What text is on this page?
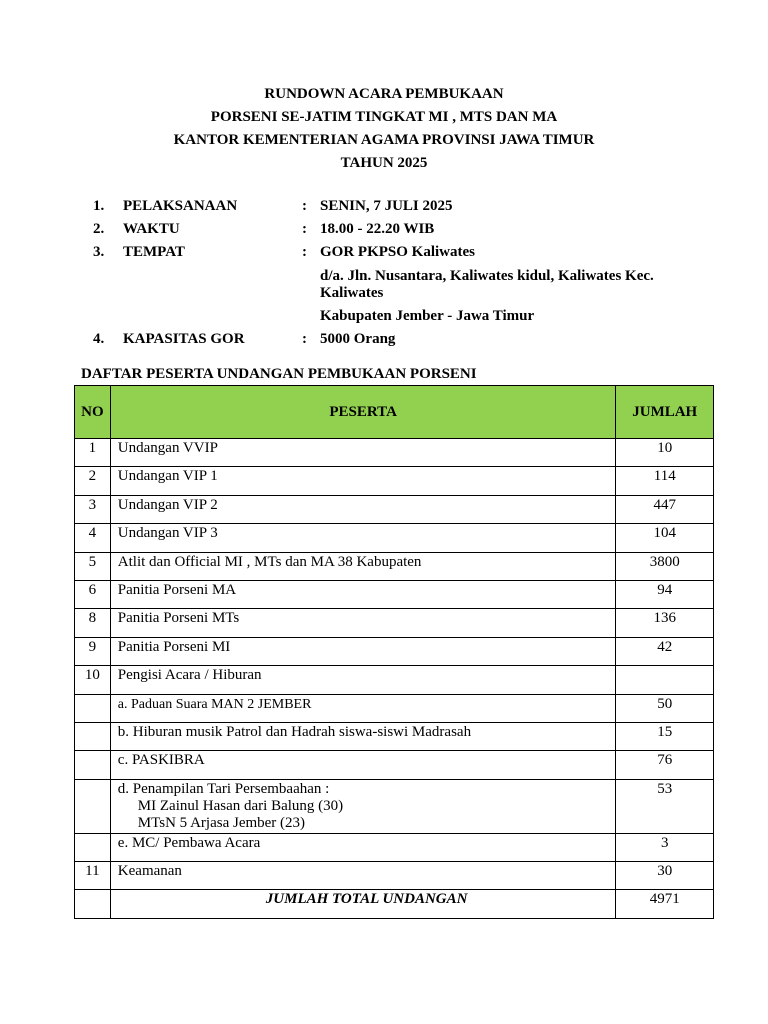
RUNDOWN ACARA PEMBUKAAN
PORSENI SE-JATIM TINGKAT MI , MTS DAN MA
KANTOR KEMENTERIAN AGAMA PROVINSI JAWA TIMUR
TAHUN 2025
1. PELAKSANAAN	: SENIN, 7 JULI 2025
2. WAKTU	: 18.00 - 22.20 WIB
3. TEMPAT	: GOR PKPSO Kaliwates
d/a. Jln. Nusantara, Kaliwates kidul, Kaliwates Kec. Kaliwates
Kabupaten Jember - Jawa Timur
4. KAPASITAS GOR	: 5000 Orang
DAFTAR PESERTA UNDANGAN PEMBUKAAN PORSENI
NO	PESERTA	JUMLAH
1	Undangan VVIP	10
2	Undangan VIP 1	114
3	Undangan VIP 2	447
4	Undangan VIP 3	104
5	Atlit dan Official MI , MTs dan MA 38 Kabupaten	3800
6	Panitia Porseni MA	94
8	Panitia Porseni MTs	136
9	Panitia Porseni MI	42
10	Pengisi Acara / Hiburan	
	a. Paduan Suara MAN 2 JEMBER	50
	b. Hiburan musik Patrol dan Hadrah siswa-siswi Madrasah	15
	c. PASKIBRA	76

	d. Penampilan Tari Persembaahan :
MI Zainul Hasan dari Balung (30)
MTsN 5 Arjasa Jember (23)	53
	e. MC/ Pembawa Acara	3
11	Keamanan	30
	JUMLAH TOTAL UNDANGAN	4971
